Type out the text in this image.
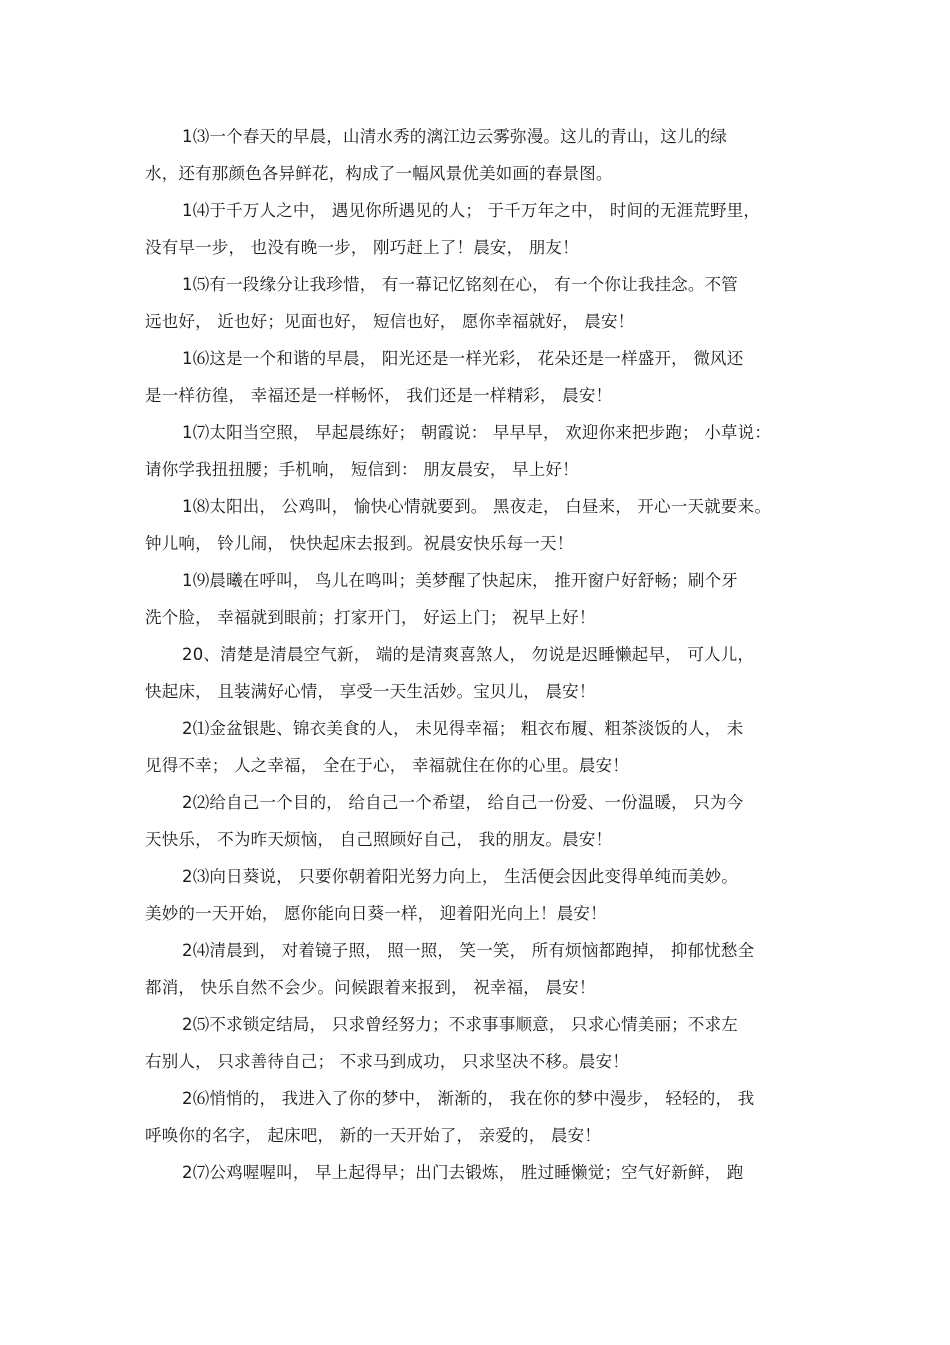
1⑶一个春天的早晨，山清水秀的漓江边云雾弥漫。这儿的青山，这儿的绿
水，还有那颜色各异鲜花，构成了一幅风景优美如画的春景图。
1⑷于千万人之中， 遇见你所遇见的人； 于千万年之中， 时间的无涯荒野里，
没有早一步， 也没有晚一步， 刚巧赶上了！晨安， 朋友！
1⑸有一段缘分让我珍惜， 有一幕记忆铭刻在心， 有一个你让我挂念。不管
远也好， 近也好；见面也好， 短信也好， 愿你幸福就好， 晨安！
1⑹这是一个和谐的早晨， 阳光还是一样光彩， 花朵还是一样盛开， 微风还
是一样彷徨， 幸福还是一样畅怀， 我们还是一样精彩， 晨安！
1⑺太阳当空照， 早起晨练好； 朝霞说： 早早早， 欢迎你来把步跑； 小草说：
请你学我扭扭腰；手机响， 短信到： 朋友晨安， 早上好！
1⑻太阳出， 公鸡叫， 愉快心情就要到。 黑夜走， 白昼来， 开心一天就要来。
钟儿响， 铃儿闹， 快快起床去报到。祝晨安快乐每一天！
1⑼晨曦在呼叫， 鸟儿在鸣叫；美梦醒了快起床， 推开窗户好舒畅；刷个牙
洗个脸， 幸福就到眼前；打家开门， 好运上门； 祝早上好！
20、清楚是清晨空气新， 端的是清爽喜煞人， 勿说是迟睡懒起早， 可人儿，
快起床， 且装满好心情， 享受一天生活妙。宝贝儿， 晨安！
2⑴金盆银匙、锦衣美食的人， 未见得幸福； 粗衣布履、粗茶淡饭的人， 未
见得不幸； 人之幸福， 全在于心， 幸福就住在你的心里。晨安！
2⑵给自己一个目的， 给自己一个希望， 给自己一份爱、一份温暖， 只为今
天快乐， 不为昨天烦恼， 自己照顾好自己， 我的朋友。晨安！
2⑶向日葵说， 只要你朝着阳光努力向上， 生活便会因此变得单纯而美妙。
美妙的一天开始， 愿你能向日葵一样， 迎着阳光向上！晨安！
2⑷清晨到， 对着镜子照， 照一照， 笑一笑， 所有烦恼都跑掉， 抑郁忧愁全
都消， 快乐自然不会少。问候跟着来报到， 祝幸福， 晨安！
2⑸不求锁定结局， 只求曾经努力；不求事事顺意， 只求心情美丽；不求左
右别人， 只求善待自己； 不求马到成功， 只求坚决不移。晨安！
2⑹悄悄的， 我进入了你的梦中， 渐渐的， 我在你的梦中漫步， 轻轻的， 我
呼唤你的名字， 起床吧， 新的一天开始了， 亲爱的， 晨安！
2⑺公鸡喔喔叫， 早上起得早；出门去锻炼， 胜过睡懒觉；空气好新鲜， 跑
